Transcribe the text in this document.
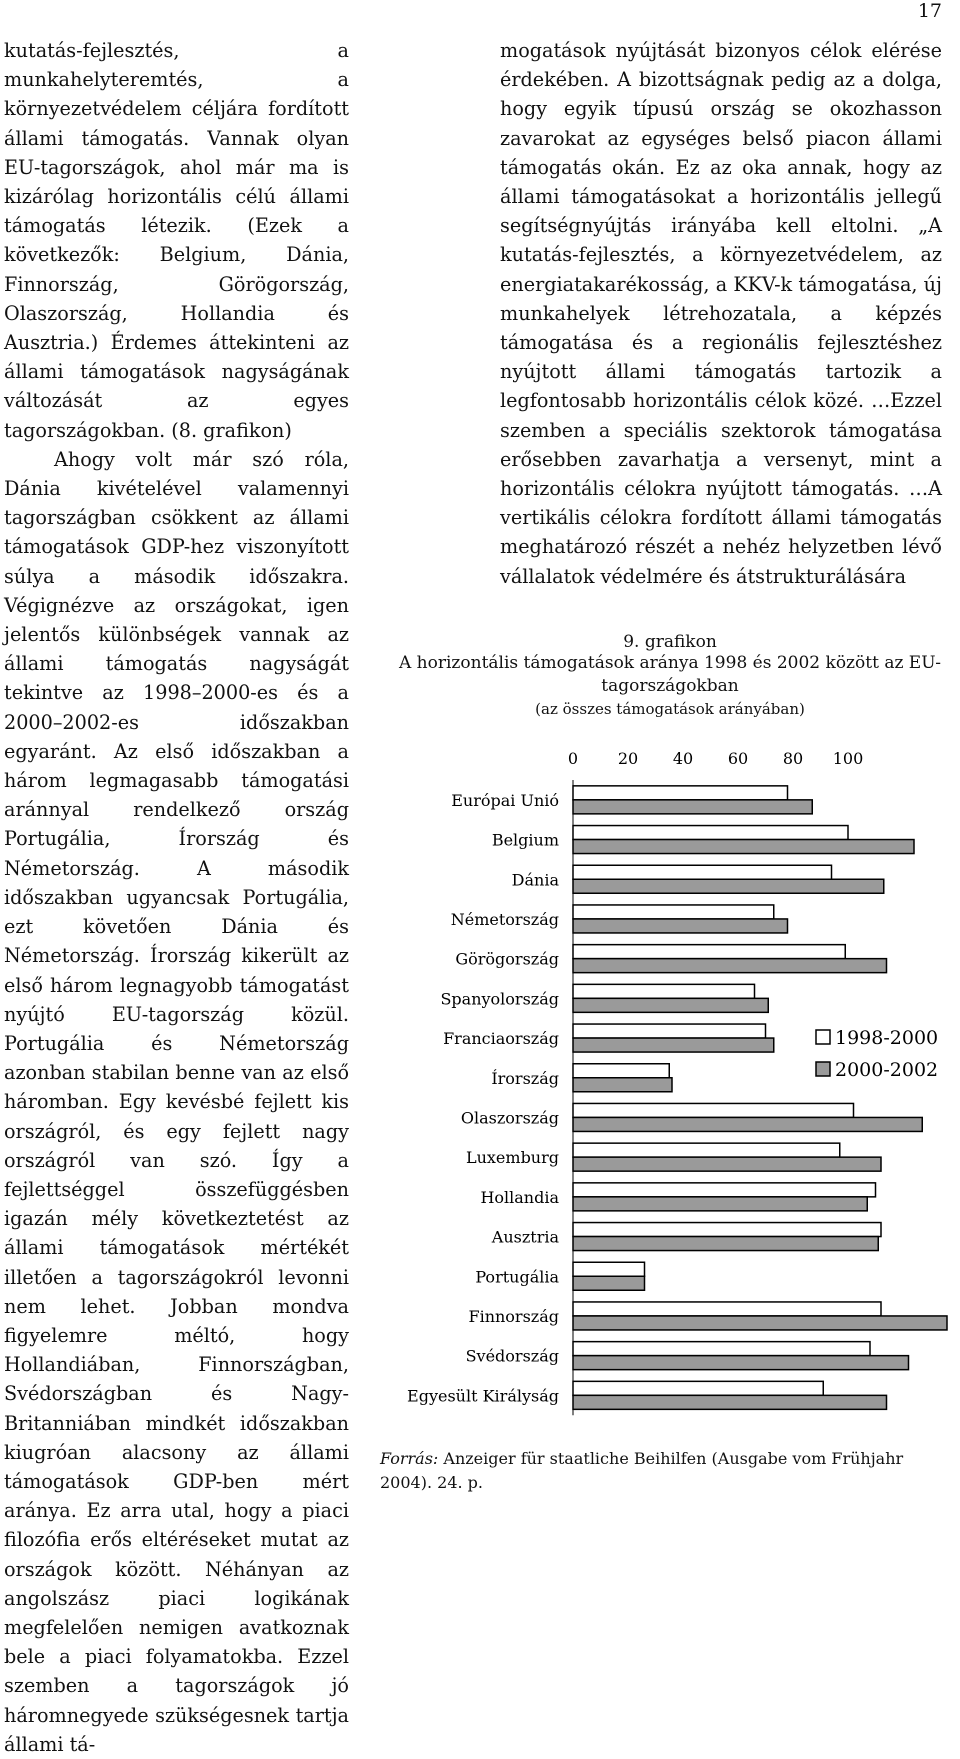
17

kutatás-fejlesztés, a munkahelyteremtés, a környezetvédelem céljára fordított állami támogatás. Vannak olyan EU-tagországok, ahol már ma is kizárólag horizontális célú állami támogatás létezik. (Ezek a következők: Belgium, Dánia, Finnország, Görögország, Olaszország, Hollandia és Ausztria.) Érdemes áttekinteni az állami támogatások nagyságának változását az egyes tagországokban. (8. grafikon)

Ahogy volt már szó róla, Dánia kivételével valamennyi tagországban csökkent az állami támogatások GDP-hez viszonyított súlya a második időszakra. Végignézve az országokat, igen jelentős különbségek vannak az állami támogatás nagyságát tekintve az 1998–2000-es és a 2000–2002-es időszakban egyaránt. Az első időszakban a három legmagasabb támogatási aránnyal rendelkező ország Portugália, Írország és Németország. A második időszakban ugyancsak Portugália, ezt követően Dánia és Németország. Írország kikerült az első három legnagyobb támogatást nyújtó EU-tagország közül. Portugália és Németország azonban stabilan benne van az első háromban. Egy kevésbé fejlett kis országról, és egy fejlett nagy országról van szó. Így a fejlettséggel összefüggésben igazán mély következtetést az állami támogatások mértékét illetően a tagországokról levonni nem lehet. Jobban mondva figyelemre méltó, hogy Hollandiában, Finnországban, Svédországban és Nagy-Britanniában mindkét időszakban kiugróan alacsony az állami támogatások GDP-ben mért aránya. Ez arra utal, hogy a piaci filozófia erős eltéréseket mutat az országok között. Néhányan az angolszász piaci logikának megfelelően nemigen avatkoznak bele a piaci folyamatokba. Ezzel szemben a tagországok jó háromnegyede szükségesnek tartja állami tá-

mogatások nyújtását bizonyos célok elérése érdekében. A bizottságnak pedig az a dolga, hogy egyik típusú ország se okozhasson zavarokat az egységes belső piacon állami támogatás okán. Ez az oka annak, hogy az állami támogatásokat a horizontális jellegű segítségnyújtás irányába kell eltolni. „A kutatás-fejlesztés, a környezetvédelem, az energiatakarékosság, a KKV-k támogatása, új munkahelyek létrehozatala, a képzés támogatása és a regionális fejlesztéshez nyújtott állami támogatás tartozik a legfontosabb horizontális célok közé. …Ezzel szemben a speciális szektorok támogatása erősebben zavarhatja a versenyt, mint a horizontális célokra nyújtott támogatás. …A vertikális célokra fordított állami támogatás meghatározó részét a nehéz helyzetben lévő vállalatok védelmére és átstrukturálására

9. grafikon
A horizontális támogatások aránya 1998 és 2002 között az EU-tagországokban
(az összes támogatások arányában)
0 20 40 60 80 100
Európai Unió
Belgium
Dánia
Németország
Görögország
Spanyolország
Franciaország
Írország
Olaszország
Luxemburg
Hollandia
Ausztria
Portugália
Finnország
Svédország
Egyesült Királyság
1998-2000
2000-2002
Forrás: Anzeiger für staatliche Beihilfen (Ausgabe vom Frühjahr 2004). 24. p.
